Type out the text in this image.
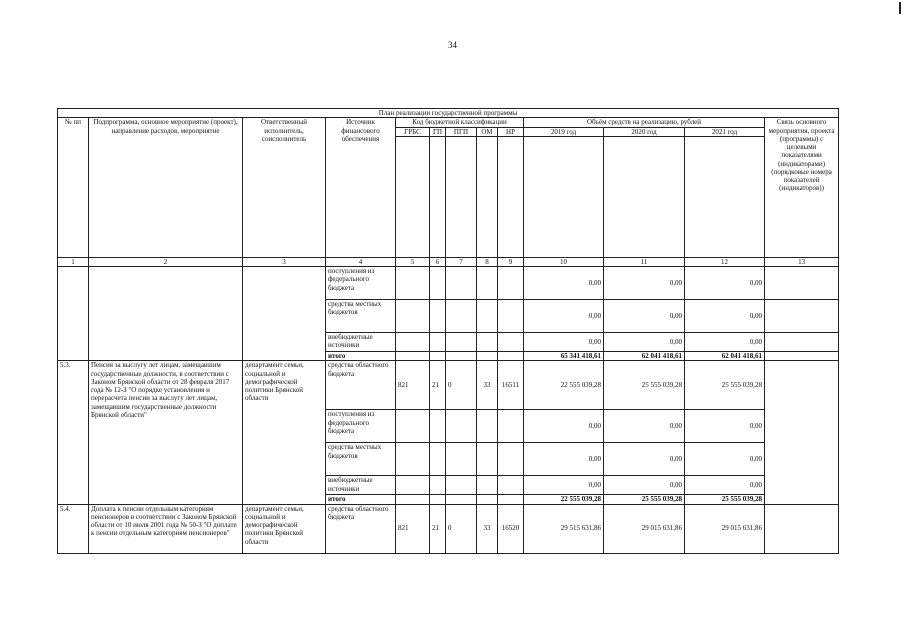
34
План реализации государственной программы												
№ пп	Подпрограмма, основное мероприятие (проект), направление расходов, мероприятие	Ответственный исполнитель, соисполнитель	Источник финансового обеспечения	Код бюджетной классификации					Объём средств на реализацию, рублей			Связь основного мероприятия, проекта (программы) с целевыми показателями (индикаторами) (порядковые номера показателей (индикаторов))
				ГРБС	ГП	ПГП	ОМ	НР	2019 год	2020 год	2021 год	

1	2	3	4	5	6	7	8	9	10	11	12	13
			поступления из федерального бюджета						0,00	0,00	0,00	
			средства местных бюджетов						0,00	0,00	0,00	
			внебюджетные источники						0,00	0,00	0,00	
			итого						65 341 418,61	62 041 418,61	62 041 418,61	
5.3.	Пенсия за выслугу лет лицам, замещавшим государственные должности, в соответствии с Законом Брянской области от 28 февраля 2017 года № 12-З "О порядке установления и перерасчета пенсии за выслугу лет лицам, замещавшим государственные должности Брянской области"	департамент семьи, социальной и демографической политики Брянской области	средства областного бюджета	821	21	0	33	16511	22 555 039,28	25 555 039,28	25 555 039,28	
			поступления из федерального бюджета						0,00	0,00	0,00	
			средства местных бюджетов						0,00	0,00	0,00	
			внебюджетные источники						0,00	0,00	0,00	
			итого						22 555 039,28	25 555 039,28	25 555 039,28	
5.4.	Доплата к пенсии отдельным категориям пенсионеров в соответствии с Законом Брянской области от 10 июля 2001 года № 50-З "О доплате к пенсии отдельным категориям пенсионеров"	департамент семьи, социальной и демографической политики Брянской области	средства областного бюджета	821	21	0	33	16520	29 515 631,86	29 015 631,86	29 015 631,86	
